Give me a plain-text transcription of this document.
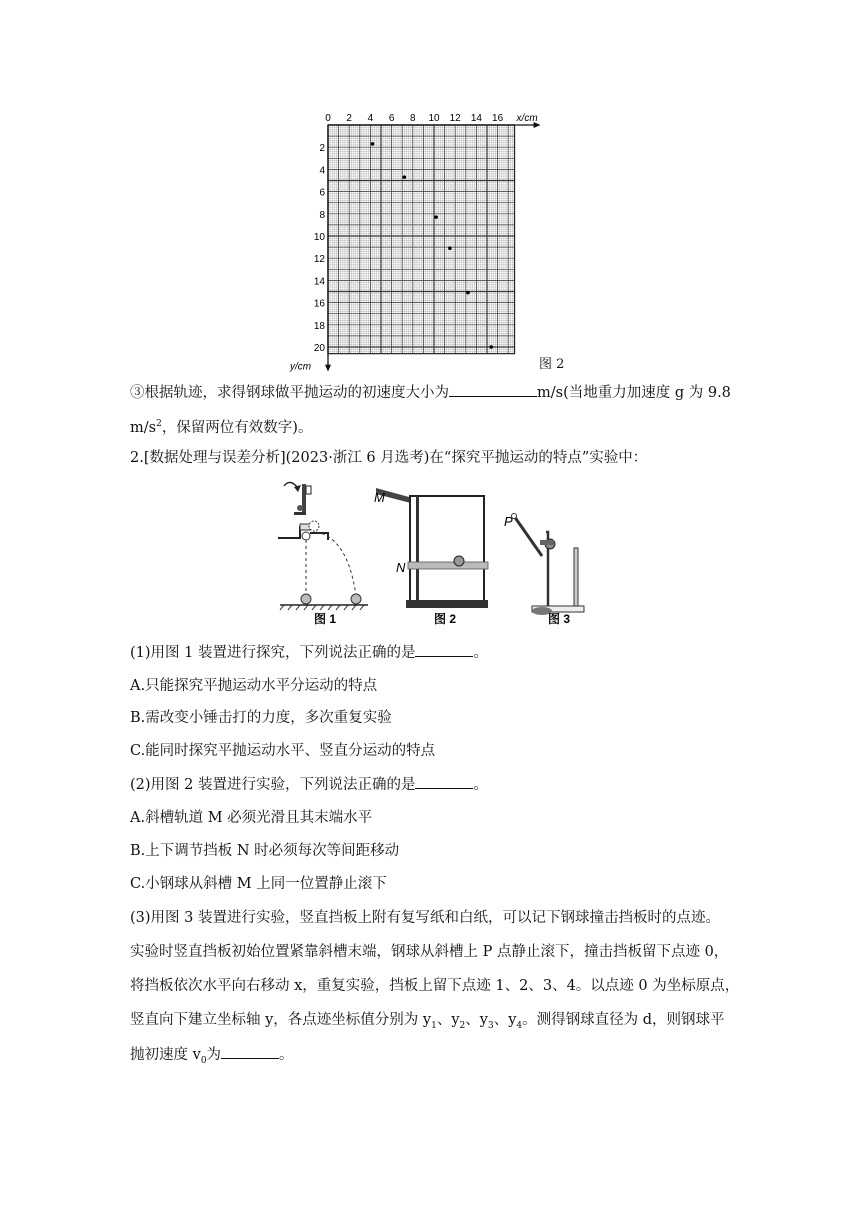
2 4 6 8 10 12 14 16
2
4
6
8
10
12
14
16
18
20
0	x/cm
y/cm	图 2
③根据轨迹，求得钢球做平抛运动的初速度大小为	m/s(当地重力加速度 g 为 9.8
$m/s^2$，保留两位有效数字)。
2.[数据处理与误差分析](2023·浙江 6 月选考)在“探究平抛运动的特点”实验中：
M
N
P
图 1	图 2	图 3
(1)用图 1 装置进行探究，下列说法正确的是	。
A.只能探究平抛运动水平分运动的特点
B.需改变小锤击打的力度，多次重复实验
C.能同时探究平抛运动水平、竖直分运动的特点
(2)用图 2 装置进行实验，下列说法正确的是	。
A.斜槽轨道 M 必须光滑且其末端水平
B.上下调节挡板 N 时必须每次等间距移动
C.小钢球从斜槽 M 上同一位置静止滚下
(3)用图 3 装置进行实验，竖直挡板上附有复写纸和白纸，可以记下钢球撞击挡板时的点迹。
实验时竖直挡板初始位置紧靠斜槽末端，钢球从斜槽上 P 点静止滚下，撞击挡板留下点迹 0，
将挡板依次水平向右移动 x，重复实验，挡板上留下点迹 1、2、3、4。以点迹 0 为坐标原点，
竖直向下建立坐标轴 y，各点迹坐标值分别为 $y_1$、$y_2$、$y_3$、$y_4$。测得钢球直径为 d，则钢球平
抛初速度 $v_0$为	。
